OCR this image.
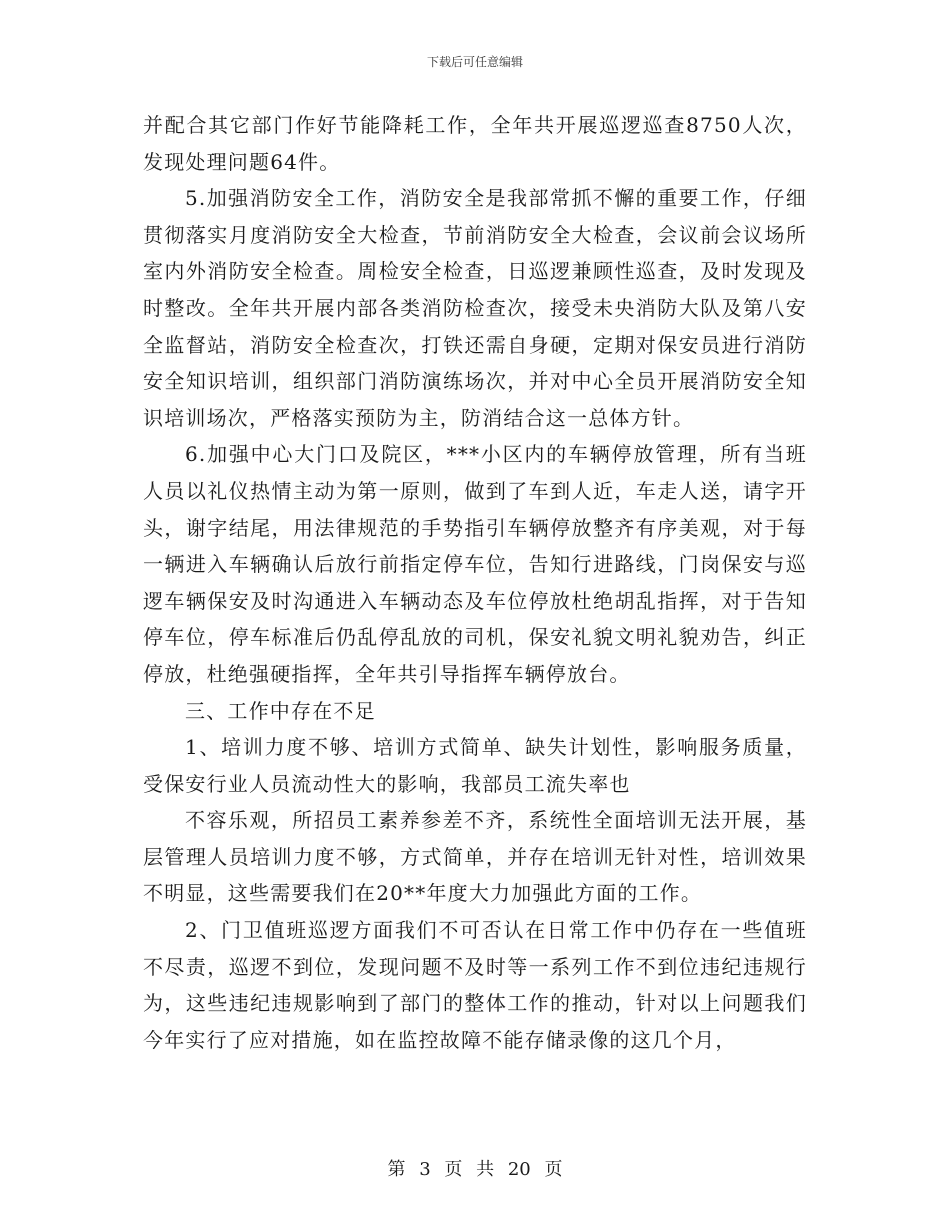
下载后可任意编辑

并配合其它部门作好节能降耗工作，全年共开展巡逻巡查8750人次，发现处理问题64件。

5.加强消防安全工作，消防安全是我部常抓不懈的重要工作，仔细贯彻落实月度消防安全大检查，节前消防安全大检查，会议前会议场所室内外消防安全检查。周检安全检查，日巡逻兼顾性巡查，及时发现及时整改。全年共开展内部各类消防检查次，接受未央消防大队及第八安全监督站，消防安全检查次，打铁还需自身硬，定期对保安员进行消防安全知识培训，组织部门消防演练场次，并对中心全员开展消防安全知识培训场次，严格落实预防为主，防消结合这一总体方针。

6.加强中心大门口及院区，***小区内的车辆停放管理，所有当班人员以礼仪热情主动为第一原则，做到了车到人近，车走人送，请字开头，谢字结尾，用法律规范的手势指引车辆停放整齐有序美观，对于每一辆进入车辆确认后放行前指定停车位，告知行进路线，门岗保安与巡逻车辆保安及时沟通进入车辆动态及车位停放杜绝胡乱指挥，对于告知停车位，停车标准后仍乱停乱放的司机，保安礼貌文明礼貌劝告，纠正停放，杜绝强硬指挥，全年共引导指挥车辆停放台。

三、工作中存在不足

1、培训力度不够、培训方式简单、缺失计划性，影响服务质量，受保安行业人员流动性大的影响，我部员工流失率也

不容乐观，所招员工素养参差不齐，系统性全面培训无法开展，基层管理人员培训力度不够，方式简单，并存在培训无针对性，培训效果不明显，这些需要我们在20**年度大力加强此方面的工作。

2、门卫值班巡逻方面我们不可否认在日常工作中仍存在一些值班不尽责，巡逻不到位，发现问题不及时等一系列工作不到位违纪违规行为，这些违纪违规影响到了部门的整体工作的推动，针对以上问题我们今年实行了应对措施，如在监控故障不能存储录像的这几个月，

第 3 页 共 20 页
